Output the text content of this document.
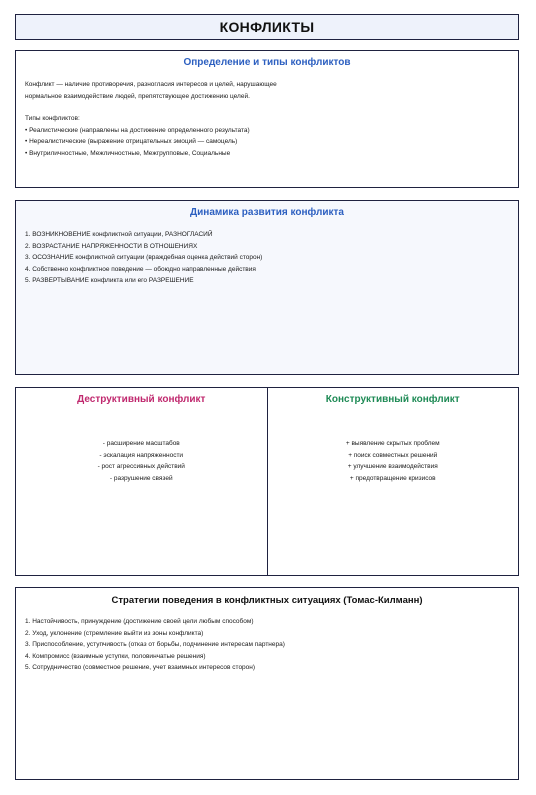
КОНФЛИКТЫ
Определение и типы конфликтов

Конфликт — наличие противоречия, разногласия интересов и целей, нарушающее

нормальное взаимодействие людей, препятствующее достижению целей.

Типы конфликтов:

• Реалистические (направлены на достижение определенного результата)

• Нереалистические (выражение отрицательных эмоций — самоцель)

• Внутриличностные, Межличностные, Межгрупповые, Социальные

Динамика развития конфликта

1. ВОЗНИКНОВЕНИЕ конфликтной ситуации, РАЗНОГЛАСИЙ

2. ВОЗРАСТАНИЕ НАПРЯЖЕННОСТИ В ОТНОШЕНИЯХ

3. ОСОЗНАНИЕ конфликтной ситуации (враждебная оценка действий сторон)

4. Собственно конфликтное поведение — обоюдно направленные действия

5. РАЗВЕРТЫВАНИЕ конфликта или его РАЗРЕШЕНИЕ

Деструктивный конфликт

- расширение масштабов

- эскалация напряженности

- рост агрессивных действий

- разрушение связей

Конструктивный конфликт

+ выявление скрытых проблем

+ поиск совместных решений

+ улучшение взаимодействия

+ предотвращение кризисов

Стратегии поведения в конфликтных ситуациях (Томас-Килманн)

1. Настойчивость, принуждение (достижение своей цели любым способом)

2. Уход, уклонение (стремление выйти из зоны конфликта)

3. Приспособление, уступчивость (отказ от борьбы, подчинение интересам партнера)

4. Компромисс (взаимные уступки, половинчатые решения)

5. Сотрудничество (совместное решение, учет взаимных интересов сторон)
